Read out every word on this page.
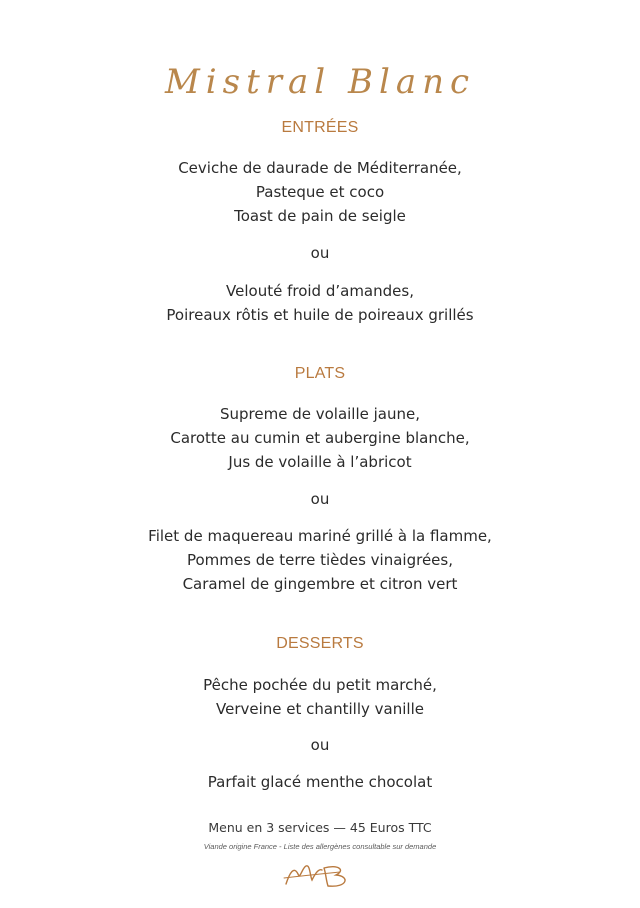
Mistral Blanc
ENTRÉES
Ceviche de daurade de Méditerranée,
Pasteque et coco
Toast de pain de seigle
ou
Velouté froid d’amandes,
Poireaux rôtis et huile de poireaux grillés
PLATS
Supreme de volaille jaune,
Carotte au cumin et aubergine blanche,
Jus de volaille à l’abricot
ou
Filet de maquereau mariné grillé à la flamme,
Pommes de terre tièdes vinaigrées,
Caramel de gingembre et citron vert
DESSERTS
Pêche pochée du petit marché,
Verveine et chantilly vanille
ou
Parfait glacé menthe chocolat
Menu en 3 services — 45 Euros TTC
Viande origine France - Liste des allergènes consultable sur demande
